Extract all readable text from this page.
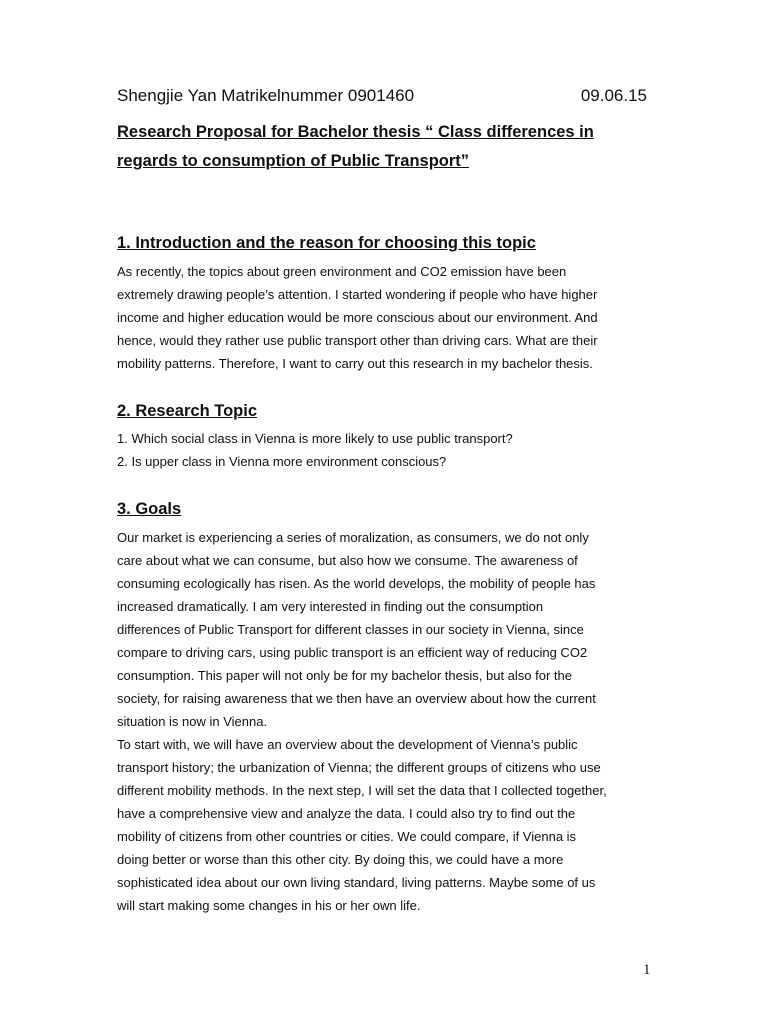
Shengjie Yan Matrikelnummer 0901460	09.06.15
Research Proposal for Bachelor thesis “ Class differences in
regards to consumption of Public Transport”
1. Introduction and the reason for choosing this topic
As recently, the topics about green environment and CO2 emission have been
extremely drawing people’s attention. I started wondering if people who have higher
income and higher education would be more conscious about our environment. And
hence, would they rather use public transport other than driving cars. What are their
mobility patterns. Therefore, I want to carry out this research in my bachelor thesis.
2. Research Topic
1. Which social class in Vienna is more likely to use public transport?
2. Is upper class in Vienna more environment conscious?
3. Goals
Our market is experiencing a series of moralization, as consumers, we do not only
care about what we can consume, but also how we consume. The awareness of
consuming ecologically has risen. As the world develops, the mobility of people has
increased dramatically. I am very interested in finding out the consumption
differences of Public Transport for different classes in our society in Vienna, since
compare to driving cars, using public transport is an efficient way of reducing CO2
consumption. This paper will not only be for my bachelor thesis, but also for the
society, for raising awareness that we then have an overview about how the current
situation is now in Vienna.
To start with, we will have an overview about the development of Vienna’s public
transport history; the urbanization of Vienna; the different groups of citizens who use
different mobility methods. In the next step, I will set the data that I collected together,
have a comprehensive view and analyze the data. I could also try to find out the
mobility of citizens from other countries or cities. We could compare, if Vienna is
doing better or worse than this other city. By doing this, we could have a more
sophisticated idea about our own living standard, living patterns. Maybe some of us
will start making some changes in his or her own life.
1
